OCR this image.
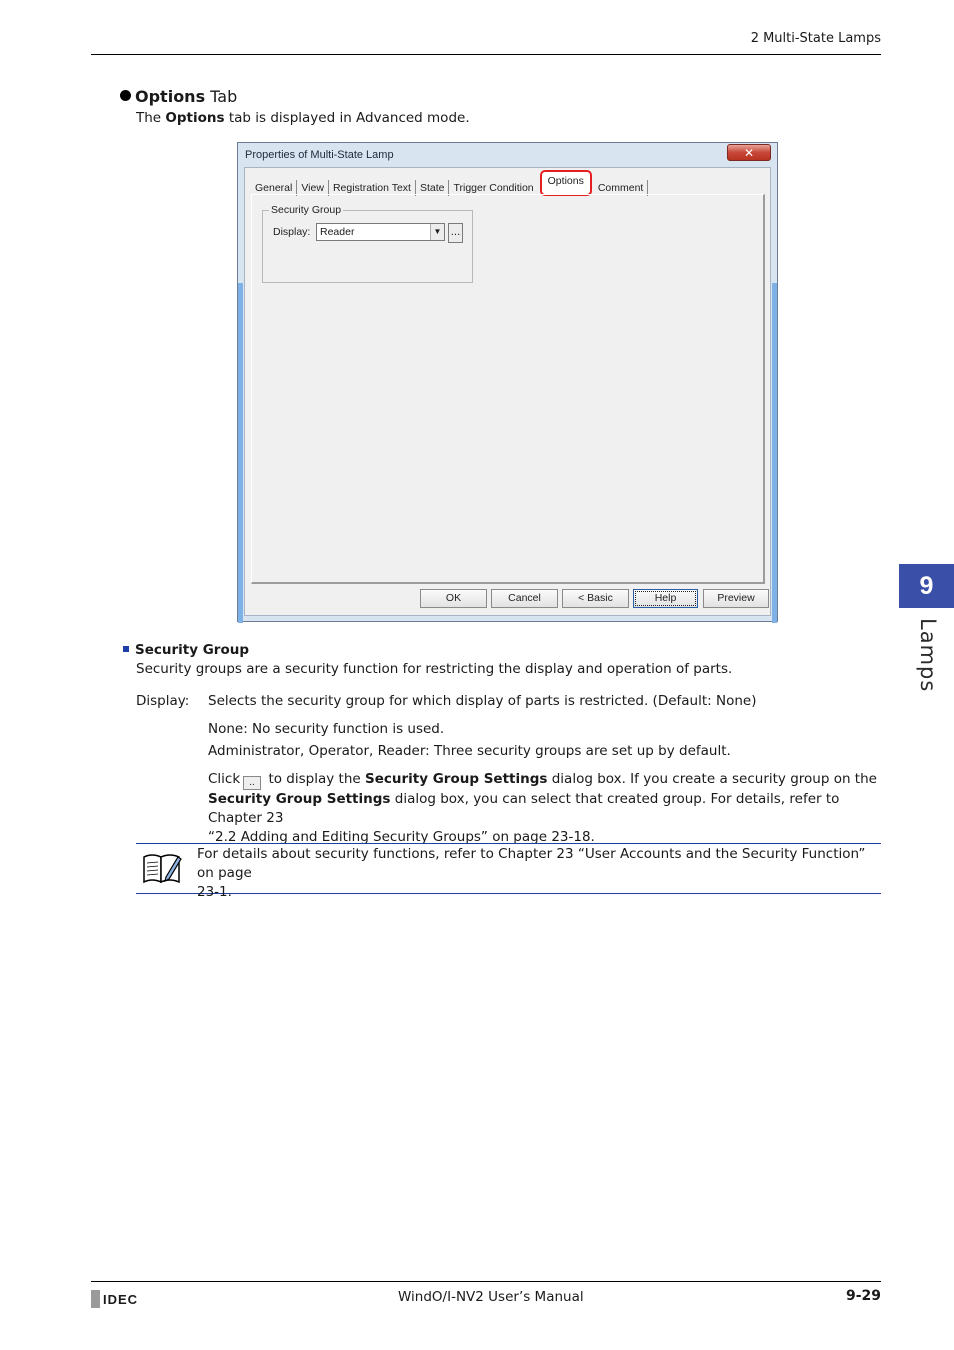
2 Multi-State Lamps
Options Tab
The Options tab is displayed in Advanced mode.
Properties of Multi-State Lamp	✕
General View Registration Text State Trigger Condition
Options
Comment
Security Group
Display: Reader	▼ ...
OK	Cancel	< Basic	Help	Preview
Security Group
Security groups are a security function for restricting the display and operation of parts.
Display: Selects the security group for which display of parts is restricted. (Default: None)
None: No security function is used.
Administrator, Operator, Reader: Three security groups are set up by default.
Click .. to display the Security Group Settings dialog box. If you create a security group on the
Security Group Settings dialog box, you can select that created group. For details, refer to Chapter 23
“2.2 Adding and Editing Security Groups” on page 23-18.
For details about security functions, refer to Chapter 23 “User Accounts and the Security Function” on page
23-1.
9
Lamps
IDEC	WindO/I-NV2 User’s Manual	9-29
